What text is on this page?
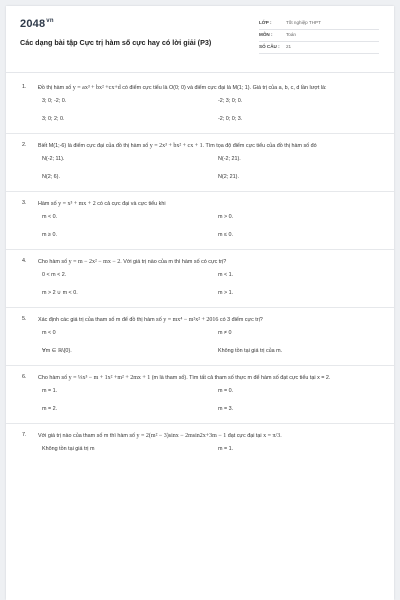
$2048^{vn}$
Các dạng bài tập Cực trị hàm số cực hay có lời giải (P3)
LỚP :	Tốt nghiệp THPT
MÔN :	Toán
SỐ CÂU :	21
1. Đồ thị hàm số y = ax³ + bx² +cx+d có điểm cực tiểu là O(0; 0) và điểm cực đại là M(1; 1). Giá trị của a, b, c, d lần lượt là:
3; 0; -2; 0.	-2; 3; 0; 0.
3; 0; 2; 0.	-2; 0; 0; 3.
2. Biết M(1;-6) là điểm cực đại của đồ thị hàm số y = 2x³ + bx² + cx + 1. Tìm tọa độ điểm cực tiểu của đồ thị hàm số đó
N(-2; 11).	N(-2; 21).
N(2; 6).	N(2; 21).
3. Hàm số y = x³ + mx + 2 có cả cực đại và cực tiểu khi
m < 0.	m > 0.
m ≥ 0.	m ≤ 0.
4. Cho hàm số y = m − 2x² − mx − 2. Với giá trị nào của m thì hàm số có cực trị?
0 < m < 2.	m < 1.
m > 2 ∪ m < 0.	m > 1.
5. Xác định các giá trị của tham số m để đồ thị hàm số y = mx⁴ − m²x² + 2016 có 3 điểm cực trị?
m < 0	m ≠ 0
∀m ∈ ℝ\{0}.	Không tồn tại giá trị của m.
6. Cho hàm số y = ⅓x³ − m + 1x² +m² + 2mx + 1 (m là tham số). Tìm tất cả tham số thực m để hàm số đạt cực tiểu tại x = 2.
m = 1.	m = 0.
m = 2.	m = 3.
7. Với giá trị nào của tham số m thì hàm số y = 2(m² − 3)sinx − 2msin2x+3m − 1 đạt cực đại tại x = π/3.
Không tồn tại giá trị m	m = 1.
